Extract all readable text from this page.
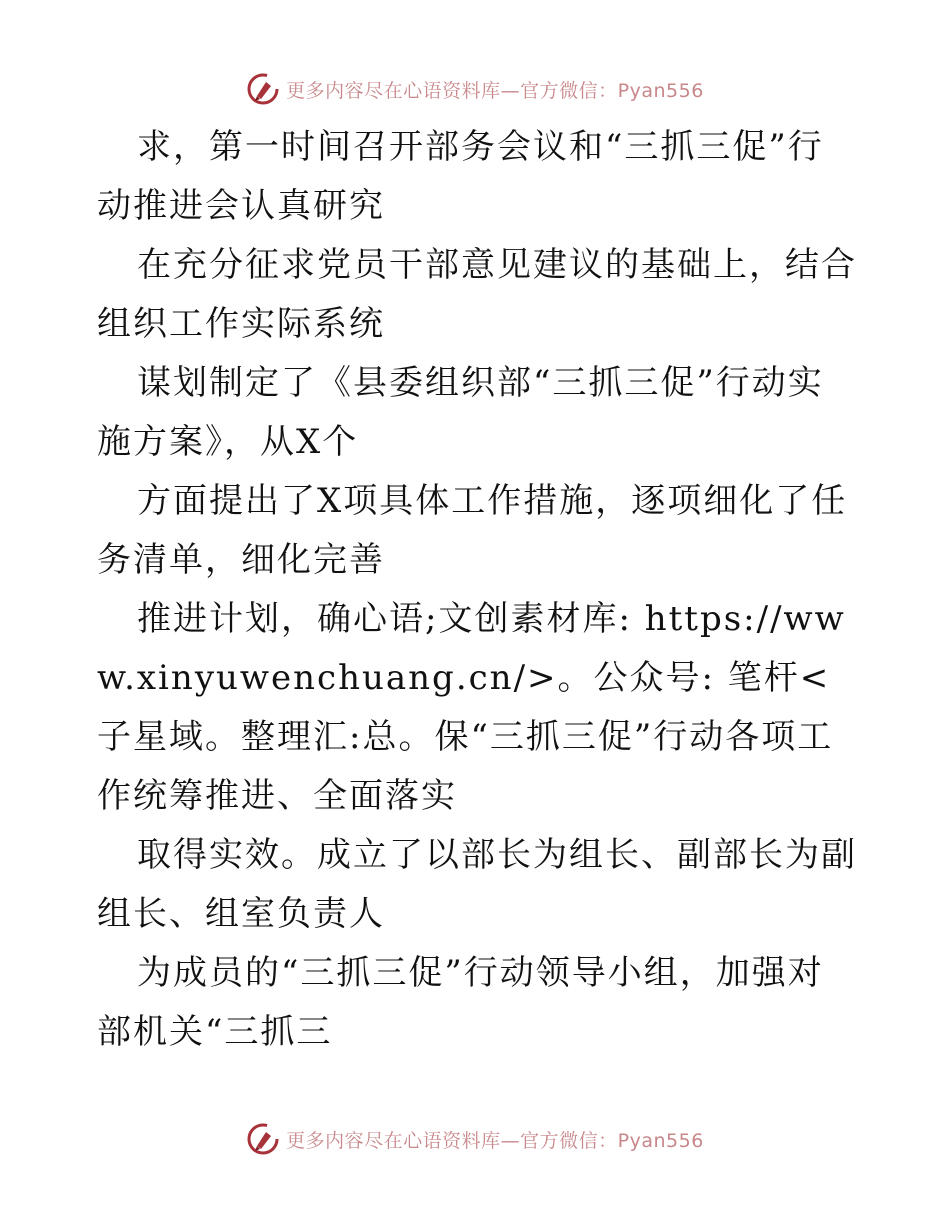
更多内容尽在心语资料库—官方微信：Pyan556

求，第一时间召开部务会议和“三抓三促”行动推进会认真研究

在充分征求党员干部意见建议的基础上，结合组织工作实际系统

谋划制定了《县委组织部“三抓三促”行动实施方案》，从X个

方面提出了X项具体工作措施，逐项细化了任务清单，细化完善

推进计划，确心语;文创素材库: https://www.xinyuwenchuang.cn/>。公众号: 笔杆<子星域。整理汇:总。保“三抓三促”行动各项工作统筹推进、全面落实

取得实效。成立了以部长为组长、副部长为副组长、组室负责人

为成员的“三抓三促”行动领导小组，加强对部机关“三抓三

更多内容尽在心语资料库—官方微信：Pyan556
